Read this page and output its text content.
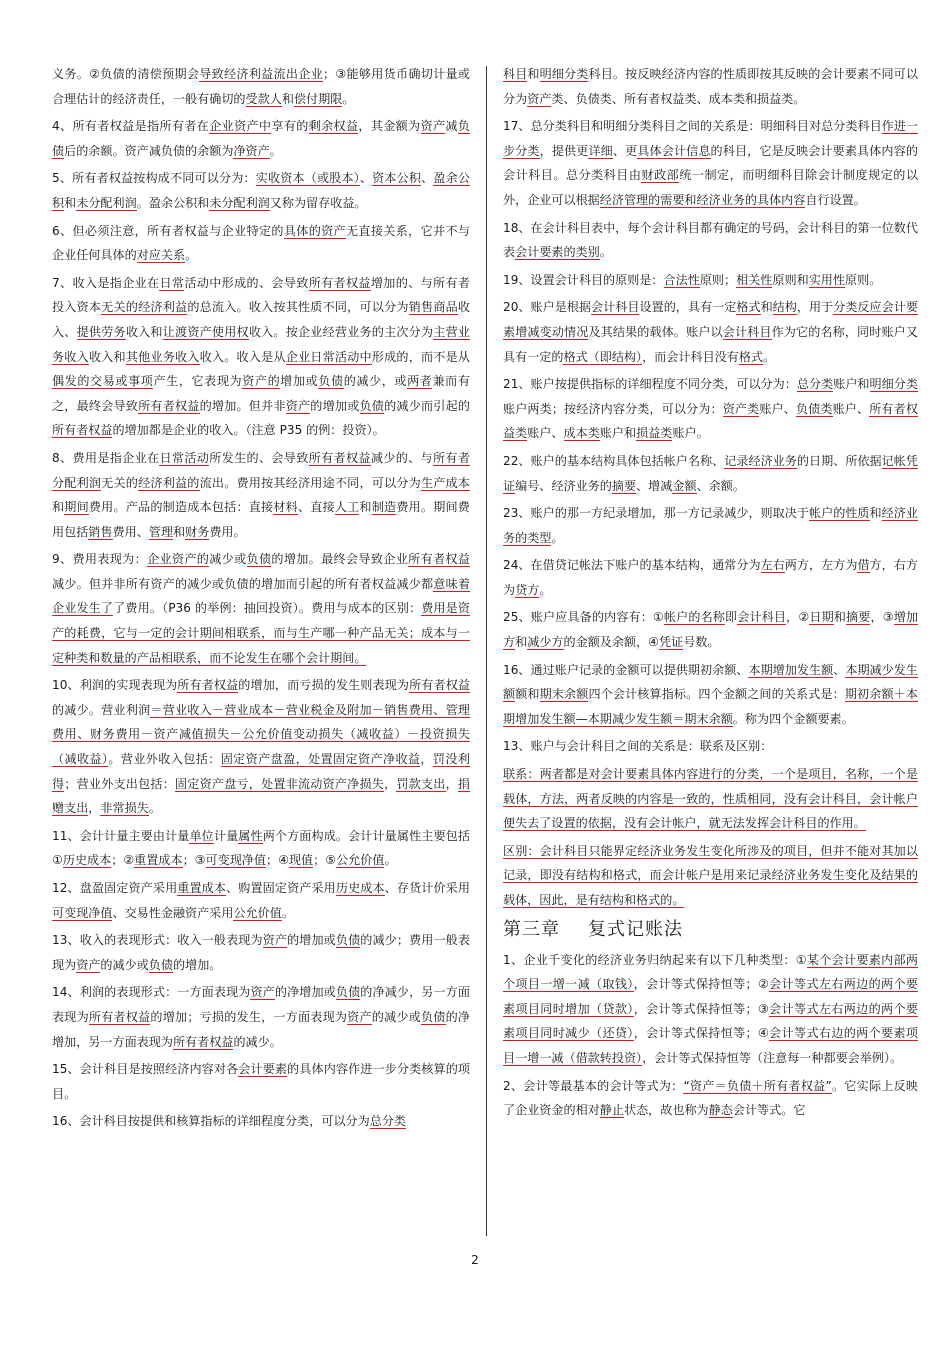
义务。②负债的清偿预期会导致经济利益流出企业；③能够用货币确切计量或合理估计的经济责任，一般有确切的受款人和偿付期限。
4、所有者权益是指所有者在企业资产中享有的剩余权益，其金额为资产减负债后的余额。资产减负债的余额为净资产。
5、所有者权益按构成不同可以分为：实收资本（或股本）、资本公积、盈余公积和未分配利润。盈余公积和未分配利润又称为留存收益。
6、但必须注意，所有者权益与企业特定的具体的资产无直接关系，它并不与企业任何具体的对应关系。
7、收入是指企业在日常活动中形成的、会导致所有者权益增加的、与所有者投入资本无关的经济利益的总流入。收入按其性质不同，可以分为销售商品收入、提供劳务收入和让渡资产使用权收入。按企业经营业务的主次分为主营业务收入收入和其他业务收入收入。收入是从企业日常活动中形成的，而不是从偶发的交易或事项产生，它表现为资产的增加或负债的减少，或两者兼而有之，最终会导致所有者权益的增加。但并非资产的增加或负债的减少而引起的所有者权益的增加都是企业的收入。（注意 P35 的例：投资）。
8、费用是指企业在日常活动所发生的、会导致所有者权益减少的、与所有者分配利润无关的经济利益的流出。费用按其经济用途不同，可以分为生产成本和期间费用。产品的制造成本包括：直接材料、直接人工和制造费用。期间费用包括销售费用、管理和财务费用。
9、费用表现为：企业资产的减少或负债的增加。最终会导致企业所有者权益减少。但并非所有资产的减少或负债的增加而引起的所有者权益减少都意味着企业发生了了费用。（P36 的举例：抽回投资）。费用与成本的区别：费用是资产的耗费，它与一定的会计期间相联系，而与生产哪一种产品无关；成本与一定种类和数量的产品相联系，而不论发生在哪个会计期间。
10、利润的实现表现为所有者权益的增加，而亏损的发生则表现为所有者权益的减少。营业利润＝营业收入－营业成本－营业税金及附加－销售费用、管理费用、财务费用－资产减值损失－公允价值变动损失（减收益）－投资损失（减收益）。营业外收入包括：固定资产盘盈，处置固定资产净收益，罚没利得；营业外支出包括：固定资产盘亏，处置非流动资产净损失，罚款支出，捐赠支出，非常损失。
11、会计计量主要由计量单位计量属性两个方面构成。会计计量属性主要包括①历史成本；②重置成本；③可变现净值；④现值；⑤公允价值。
12、盘盈固定资产采用重置成本、购置固定资产采用历史成本、存货计价采用可变现净值、交易性金融资产采用公允价值。
13、收入的表现形式：收入一般表现为资产的增加或负债的减少；费用一般表现为资产的减少或负债的增加。
14、利润的表现形式：一方面表现为资产的净增加或负债的净减少，另一方面表现为所有者权益的增加；亏损的发生，一方面表现为资产的减少或负债的净增加，另一方面表现为所有者权益的减少。
15、会计科目是按照经济内容对各会计要素的具体内容作进一步分类核算的项目。
16、会计科目按提供和核算指标的详细程度分类，可以分为总分类
科目和明细分类科目。按反映经济内容的性质即按其反映的会计要素不同可以分为资产类、负债类、所有者权益类、成本类和损益类。
17、总分类科目和明细分类科目之间的关系是：明细科目对总分类科目作进一步分类，提供更详细、更具体会计信息的科目，它是反映会计要素具体内容的会计科目。总分类科目由财政部统一制定，而明细科目除会计制度规定的以外，企业可以根据经济管理的需要和经济业务的具体内容自行设置。
18、在会计科目表中，每个会计科目都有确定的号码，会计科目的第一位数代表会计要素的类别。
19、设置会计科目的原则是：合法性原则；相关性原则和实用性原则。
20、账户是根据会计科目设置的，具有一定格式和结构，用于分类反应会计要素增减变动情况及其结果的载体。账户以会计科目作为它的名称，同时账户又具有一定的格式（即结构），而会计科目没有格式。
21、账户按提供指标的详细程度不同分类，可以分为：总分类账户和明细分类账户两类；按经济内容分类，可以分为：资产类账户、负债类账户、所有者权益类账户、成本类账户和损益类账户。
22、账户的基本结构具体包括帐户名称、记录经济业务的日期、所依据记帐凭证编号、经济业务的摘要、增减金额、余额。
23、账户的那一方纪录增加，那一方记录减少，则取决于帐户的性质和经济业务的类型。
24、在借贷记帐法下账户的基本结构，通常分为左右两方，左方为借方，右方为贷方。
25、账户应具备的内容有：①帐户的名称即会计科目，②日期和摘要，③增加方和减少方的金额及余额，④凭证号数。
16、通过账户记录的金额可以提供期初余额、本期增加发生额、本期减少发生额额和期末余额四个会计核算指标。四个金额之间的关系式是：期初余额＋本期增加发生额—本期减少发生额＝期末余额。称为四个金额要素。
13、账户与会计科目之间的关系是：联系及区别：
联系：两者都是对会计要素具体内容进行的分类，一个是项目，名称，一个是载体，方法，两者反映的内容是一致的，性质相同，没有会计科目，会计帐户便失去了设置的依据，没有会计帐户，就无法发挥会计科目的作用。
区别：会计科目只能界定经济业务发生变化所涉及的项目，但并不能对其加以记录，即没有结构和格式，而会计帐户是用来记录经济业务发生变化及结果的载体，因此，是有结构和格式的。
第三章 复式记账法
1、企业千变化的经济业务归纳起来有以下几种类型：①某个会计要素内部两个项目一增一减（取钱），会计等式保持恒等；②会计等式左右两边的两个要素项目同时增加（贷款），会计等式保持恒等；③会计等式左右两边的两个要素项目同时减少（还贷），会计等式保持恒等；④会计等式右边的两个要素项目一增一减（借款转投资），会计等式保持恒等（注意每一种都要会举例）。
2、会计等最基本的会计等式为：“资产＝负债＋所有者权益”。它实际上反映了企业资金的相对静止状态，故也称为静态会计等式。它
2
